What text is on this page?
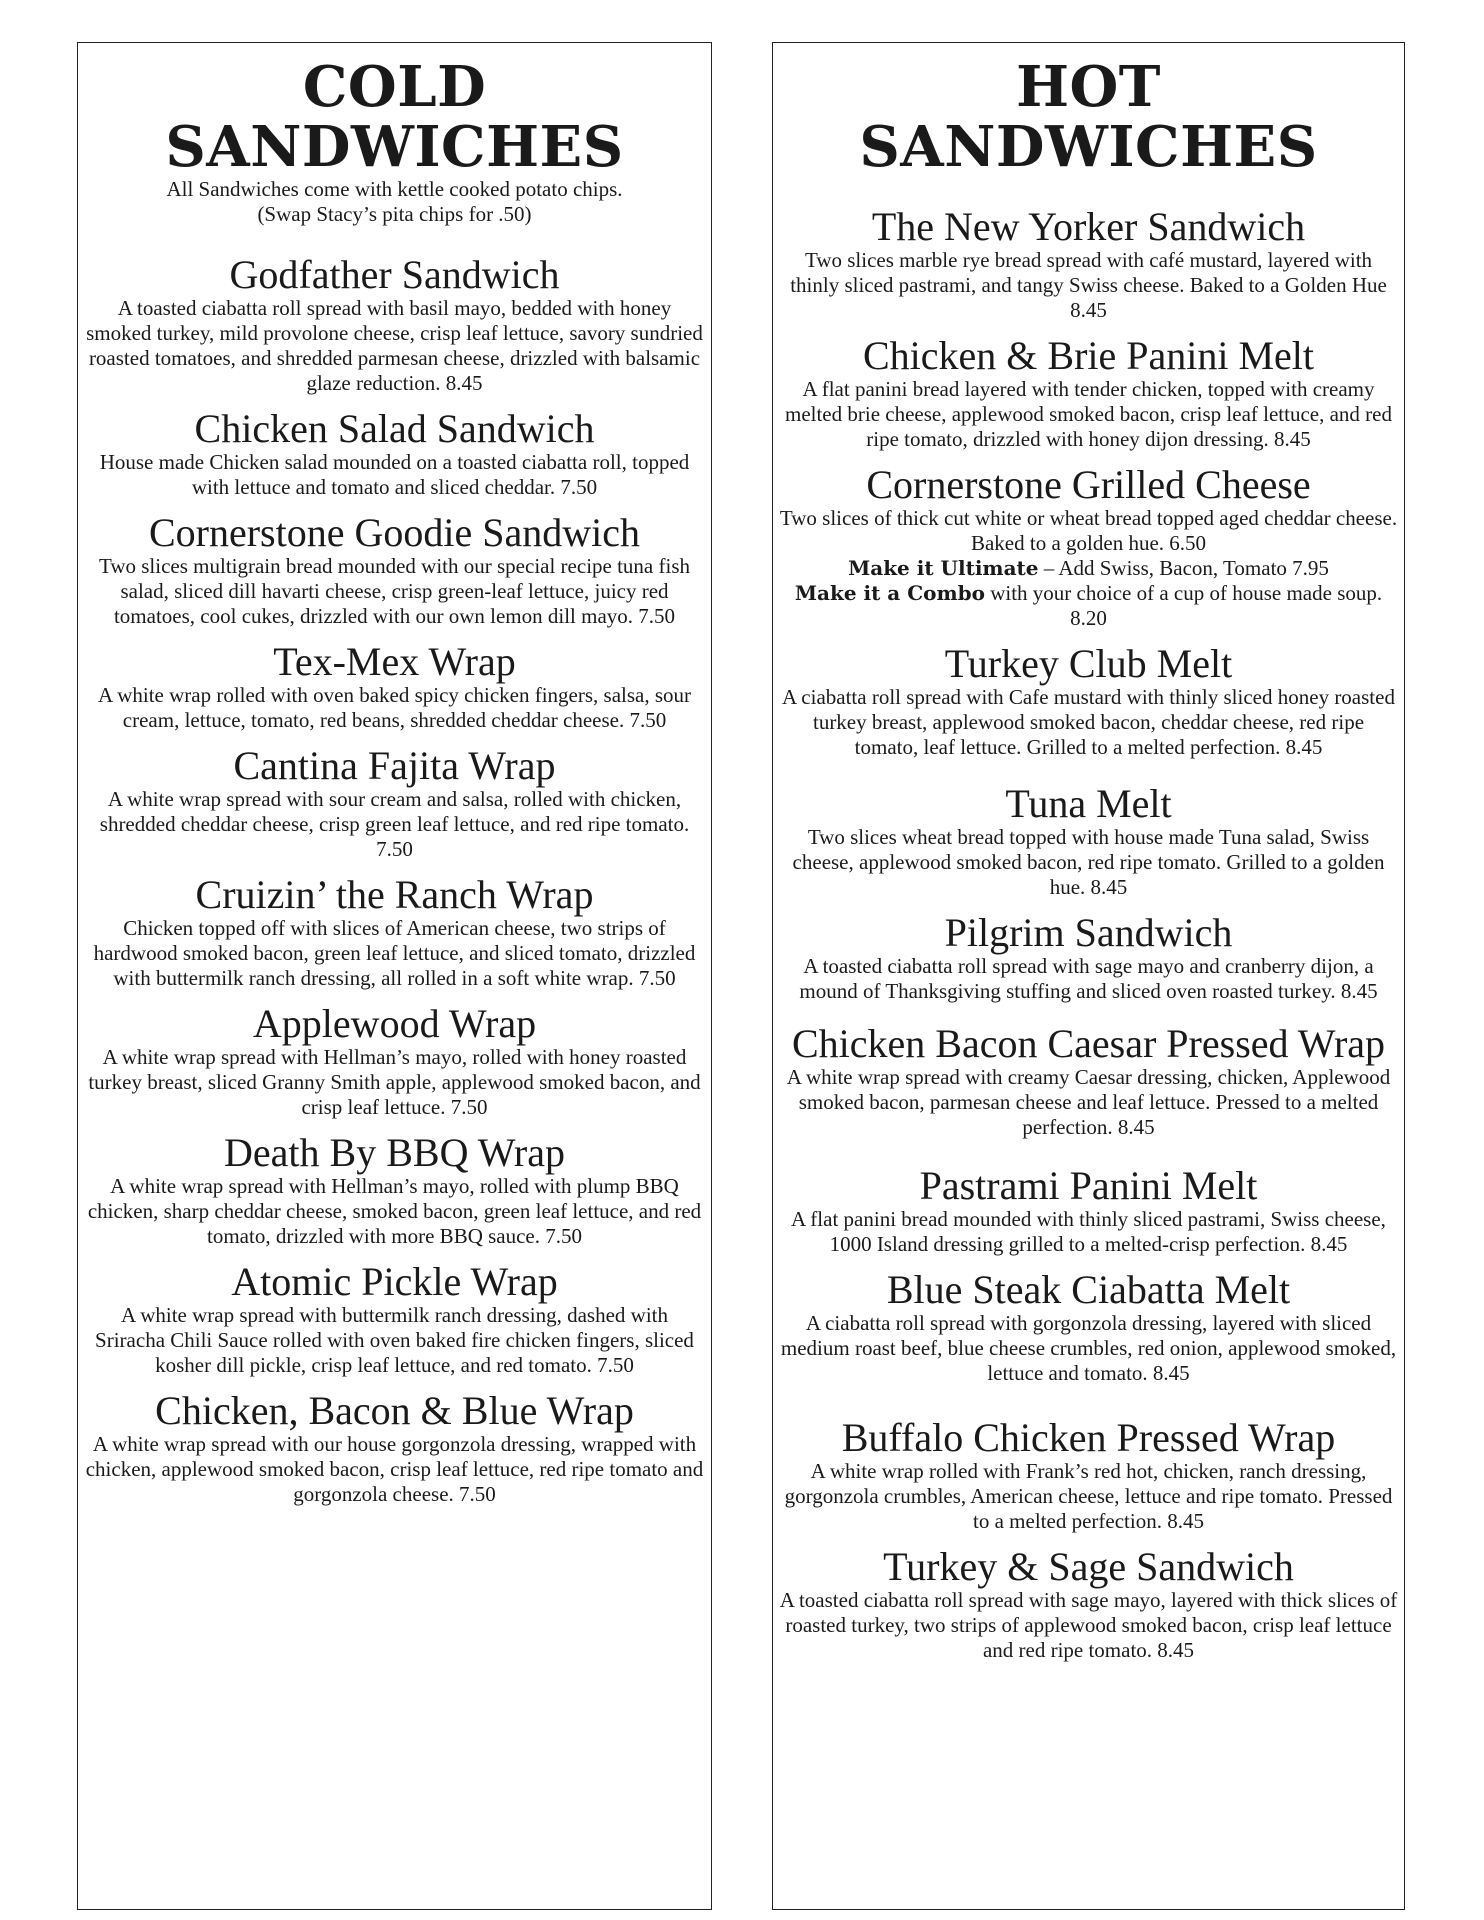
COLD
SANDWICHES
All Sandwiches come with kettle cooked potato chips.
(Swap Stacy’s pita chips for .50)
Godfather Sandwich
A toasted ciabatta roll spread with basil mayo, bedded with honey smoked turkey, mild provolone cheese, crisp leaf lettuce, savory sundried roasted tomatoes, and shredded parmesan cheese, drizzled with balsamic glaze reduction. 8.45
Chicken Salad Sandwich
House made Chicken salad mounded on a toasted ciabatta roll, topped with lettuce and tomato and sliced cheddar. 7.50
Cornerstone Goodie Sandwich
Two slices multigrain bread mounded with our special recipe tuna fish salad, sliced dill havarti cheese, crisp green-leaf lettuce, juicy red tomatoes, cool cukes, drizzled with our own lemon dill mayo. 7.50
Tex-Mex Wrap
A white wrap rolled with oven baked spicy chicken fingers, salsa, sour cream, lettuce, tomato, red beans, shredded cheddar cheese. 7.50
Cantina Fajita Wrap
A white wrap spread with sour cream and salsa, rolled with chicken, shredded cheddar cheese, crisp green leaf lettuce, and red ripe tomato. 7.50
Cruizin’ the Ranch Wrap
Chicken topped off with slices of American cheese, two strips of hardwood smoked bacon, green leaf lettuce, and sliced tomato, drizzled with buttermilk ranch dressing, all rolled in a soft white wrap. 7.50
Applewood Wrap
A white wrap spread with Hellman’s mayo, rolled with honey roasted turkey breast, sliced Granny Smith apple, applewood smoked bacon, and crisp leaf lettuce. 7.50
Death By BBQ Wrap
A white wrap spread with Hellman’s mayo, rolled with plump BBQ chicken, sharp cheddar cheese, smoked bacon, green leaf lettuce, and red tomato, drizzled with more BBQ sauce. 7.50
Atomic Pickle Wrap
A white wrap spread with buttermilk ranch dressing, dashed with Sriracha Chili Sauce rolled with oven baked fire chicken fingers, sliced kosher dill pickle, crisp leaf lettuce, and red tomato. 7.50
Chicken, Bacon & Blue Wrap
A white wrap spread with our house gorgonzola dressing, wrapped with chicken, applewood smoked bacon, crisp leaf lettuce, red ripe tomato and gorgonzola cheese. 7.50
HOT SANDWICHES
The New Yorker Sandwich
Two slices marble rye bread spread with café mustard, layered with thinly sliced pastrami, and tangy Swiss cheese. Baked to a Golden Hue 8.45
Chicken & Brie Panini Melt
A flat panini bread layered with tender chicken, topped with creamy melted brie cheese, applewood smoked bacon, crisp leaf lettuce, and red ripe tomato, drizzled with honey dijon dressing. 8.45
Cornerstone Grilled Cheese
Two slices of thick cut white or wheat bread topped aged cheddar cheese. Baked to a golden hue. 6.50
Make it Ultimate – Add Swiss, Bacon, Tomato 7.95
Make it a Combo with your choice of a cup of house made soup. 8.20
Turkey Club Melt
A ciabatta roll spread with Cafe mustard with thinly sliced honey roasted turkey breast, applewood smoked bacon, cheddar cheese, red ripe tomato, leaf lettuce. Grilled to a melted perfection. 8.45
Tuna Melt
Two slices wheat bread topped with house made Tuna salad, Swiss cheese, applewood smoked bacon, red ripe tomato. Grilled to a golden hue. 8.45
Pilgrim Sandwich
A toasted ciabatta roll spread with sage mayo and cranberry dijon, a mound of Thanksgiving stuffing and sliced oven roasted turkey. 8.45
Chicken Bacon Caesar Pressed Wrap
A white wrap spread with creamy Caesar dressing, chicken, Applewood smoked bacon, parmesan cheese and leaf lettuce. Pressed to a melted perfection. 8.45
Pastrami Panini Melt
A flat panini bread mounded with thinly sliced pastrami, Swiss cheese, 1000 Island dressing grilled to a melted-crisp perfection. 8.45
Blue Steak Ciabatta Melt
A ciabatta roll spread with gorgonzola dressing, layered with sliced medium roast beef, blue cheese crumbles, red onion, applewood smoked, lettuce and tomato. 8.45
Buffalo Chicken Pressed Wrap
A white wrap rolled with Frank’s red hot, chicken, ranch dressing, gorgonzola crumbles, American cheese, lettuce and ripe tomato. Pressed to a melted perfection. 8.45
Turkey & Sage Sandwich
A toasted ciabatta roll spread with sage mayo, layered with thick slices of roasted turkey, two strips of applewood smoked bacon, crisp leaf lettuce and red ripe tomato. 8.45
